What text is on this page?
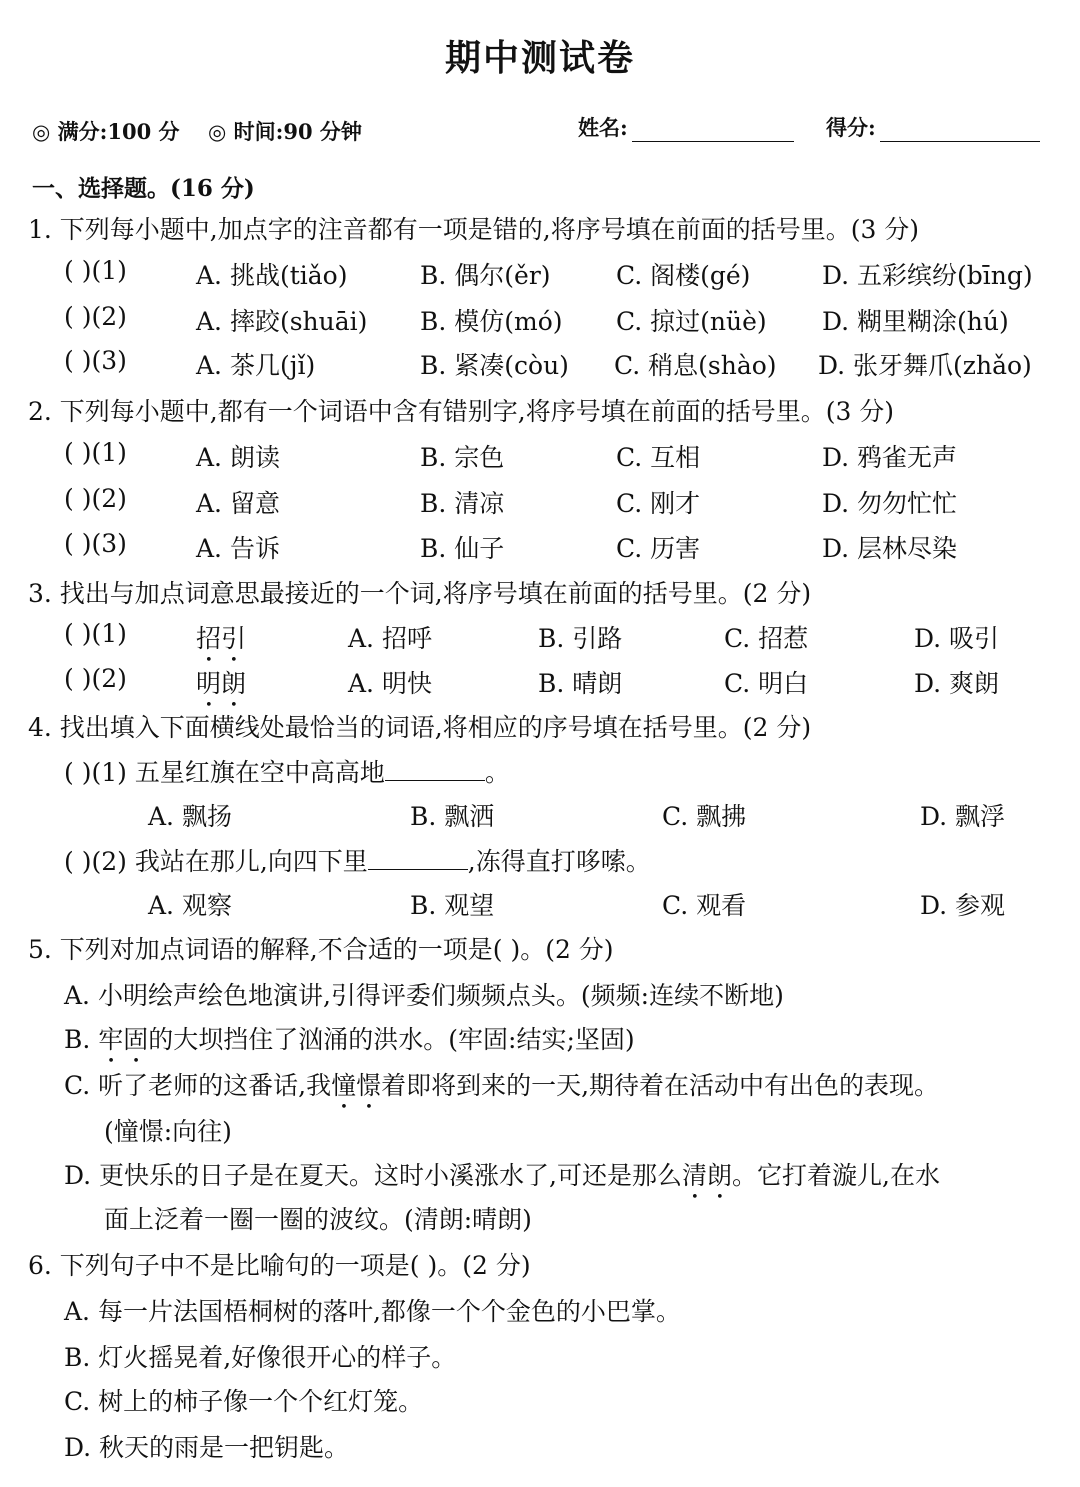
期中测试卷
◎ 满分:100 分 ◎ 时间:90 分钟	姓名:	得分:
一、选择题。(16 分)
1. 下列每小题中,加点字的注音都有一项是错的,将序号填在前面的括号里。(3 分)
( )(1)	A. 挑战(tiǎo)	B. 偶尔(ěr)	C. 阁楼(gé)	D. 五彩缤纷(bīng)
( )(2)	A. 摔跤(shuāi) B. 模仿(mó) C. 掠过(nüè) D. 糊里糊涂(hú)
( )(3)	A. 茶几(jǐ)	B. 紧凑(còu) C. 稍息(shào) D. 张牙舞爪(zhǎo)
2. 下列每小题中,都有一个词语中含有错别字,将序号填在前面的括号里。(3 分)
( )(1)	A. 朗读	B. 宗色	C. 互相	D. 鸦雀无声
( )(2)	A. 留意	B. 清凉	C. 刚才	D. 勿勿忙忙
( )(3)	A. 告诉	B. 仙子	C. 历害	D. 层林尽染
3. 找出与加点词意思最接近的一个词,将序号填在前面的括号里。(2 分)
( )(1)	招引	A. 招呼	B. 引路	C. 招惹	D. 吸引
( )(2)	明朗	A. 明快	B. 晴朗	C. 明白	D. 爽朗
4. 找出填入下面横线处最恰当的词语,将相应的序号填在括号里。(2 分)
( )(1) 五星红旗在空中高高地	。
A. 飘扬	B. 飘洒	C. 飘拂	D. 飘浮
( )(2) 我站在那儿,向四下里	,冻得直打哆嗦。
A. 观察	B. 观望	C. 观看	D. 参观
5. 下列对加点词语的解释,不合适的一项是( )。(2 分)
A. 小明绘声绘色地演讲,引得评委们频频点头。(频频:连续不断地)
B. 牢固的大坝挡住了汹涌的洪水。(牢固:结实;坚固)
C. 听了老师的这番话,我憧憬着即将到来的一天,期待着在活动中有出色的表现。
(憧憬:向往)
D. 更快乐的日子是在夏天。这时小溪涨水了,可还是那么清朗。它打着漩儿,在水
面上泛着一圈一圈的波纹。(清朗:晴朗)
6. 下列句子中不是比喻句的一项是( )。(2 分)
A. 每一片法国梧桐树的落叶,都像一个个金色的小巴掌。
B. 灯火摇晃着,好像很开心的样子。
C. 树上的柿子像一个个红灯笼。
D. 秋天的雨是一把钥匙。
